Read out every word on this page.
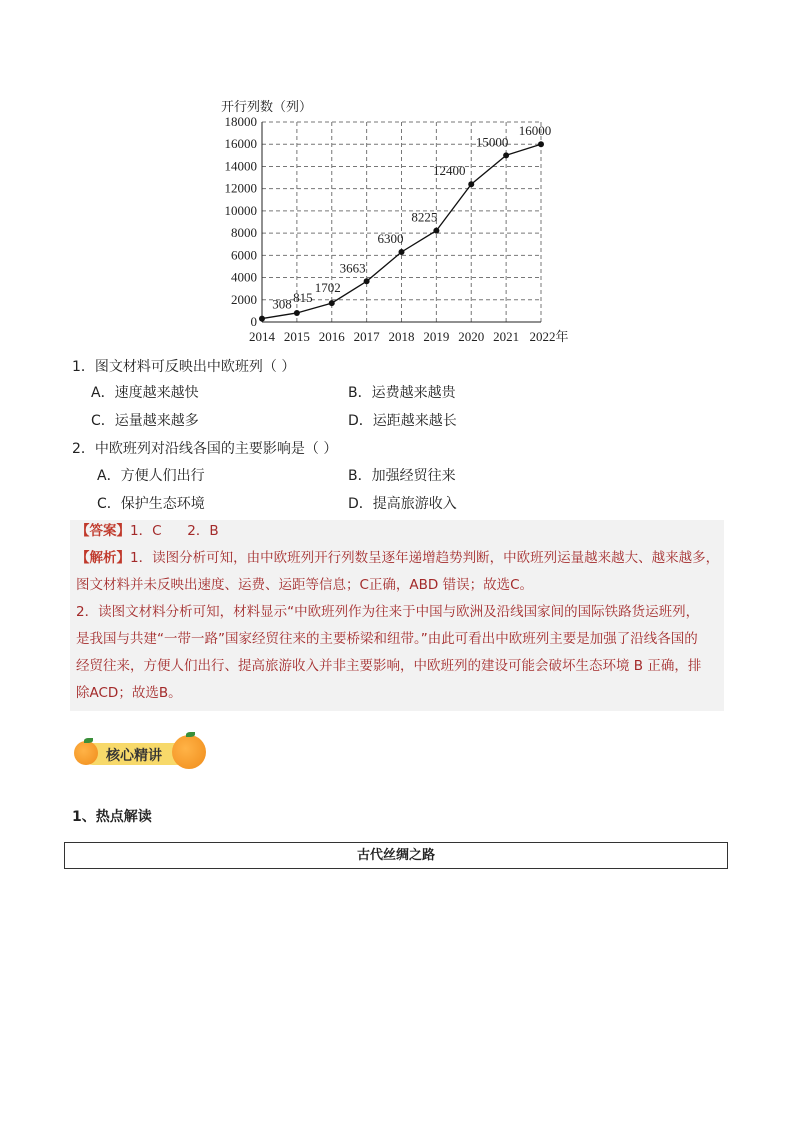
开行列数（列）
0
2000
4000
6000
8000
10000
12000
14000
16000
18000
2014 2015 2016 2017 2018 2019 2020 2021 2022年
308 815
1702
3663
6300
8225
12400
15000
16000
1．图文材料可反映出中欧班列（ ）
A．速度越来越快	B．运费越来越贵
C．运量越来越多	D．运距越来越长
2．中欧班列对沿线各国的主要影响是（ ）
A．方便人们出行	B．加强经贸往来
C．保护生态环境	D．提高旅游收入
【答案】1．C      2．B
【解析】1．读图分析可知，由中欧班列开行列数呈逐年递增趋势判断，中欧班列运量越来越大、越来越多，
图文材料并未反映出速度、运费、运距等信息；C正确，ABD 错误；故选C。
2．读图文材料分析可知，材料显示“中欧班列作为往来于中国与欧洲及沿线国家间的国际铁路货运班列，
是我国与共建“一带一路”国家经贸往来的主要桥梁和纽带。”由此可看出中欧班列主要是加强了沿线各国的
经贸往来，方便人们出行、提高旅游收入并非主要影响，中欧班列的建设可能会破坏生态环境 B 正确，排
除ACD；故选B。
核心精讲
1、热点解读
古代丝绸之路
